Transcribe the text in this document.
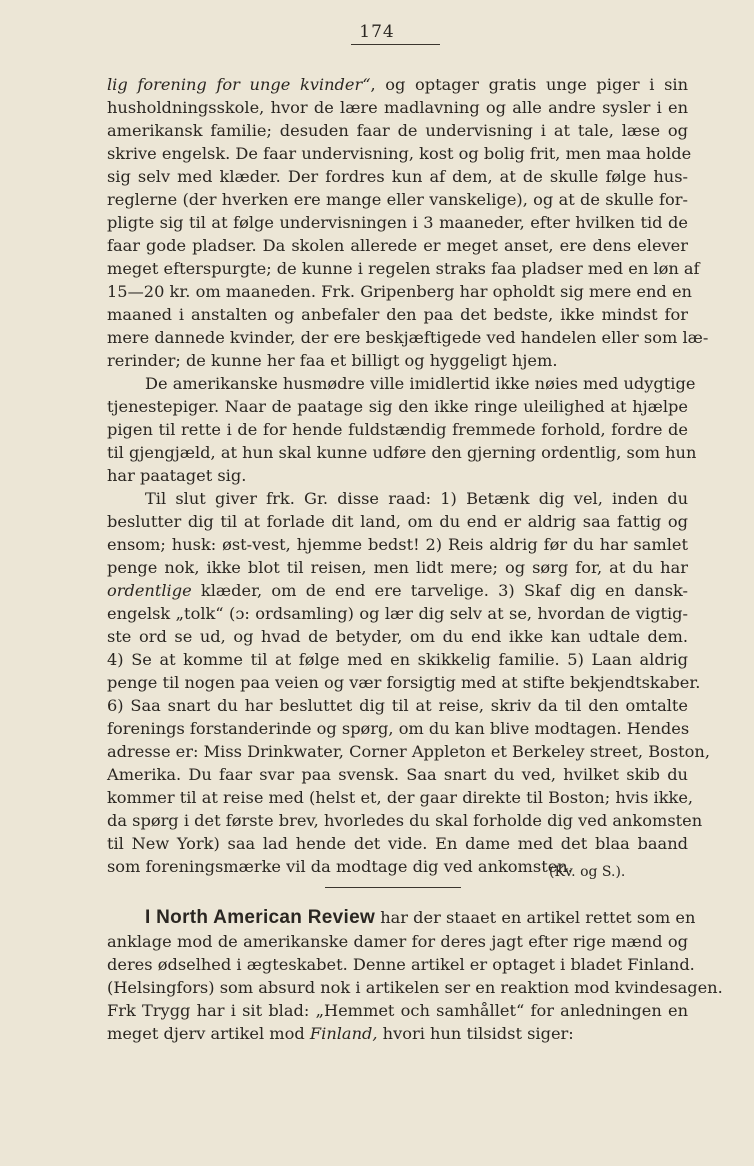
174
lig forening for unge kvinder“, og optager gratis unge piger i sin
husholdningsskole, hvor de lære madlavning og alle andre sysler i en
amerikansk familie; desuden faar de undervisning i at tale, læse og
skrive engelsk. De faar undervisning, kost og bolig frit, men maa holde
sig selv med klæder. Der fordres kun af dem, at de skulle følge hus-
reglerne (der hverken ere mange eller vanskelige), og at de skulle for-
pligte sig til at følge undervisningen i 3 maaneder, efter hvilken tid de
faar gode pladser. Da skolen allerede er meget anset, ere dens elever
meget efterspurgte; de kunne i regelen straks faa pladser med en løn af
15—20 kr. om maaneden. Frk. Gripenberg har opholdt sig mere end en
maaned i anstalten og anbefaler den paa det bedste, ikke mindst for
mere dannede kvinder, der ere beskjæftigede ved handelen eller som læ-
rerinder; de kunne her faa et billigt og hyggeligt hjem.
De amerikanske husmødre ville imidlertid ikke nøies med udygtige
tjenestepiger. Naar de paatage sig den ikke ringe uleilighed at hjælpe
pigen til rette i de for hende fuldstændig fremmede forhold, fordre de
til gjengjæld, at hun skal kunne udføre den gjerning ordentlig, som hun
har paataget sig.
Til slut giver frk. Gr. disse raad: 1) Betænk dig vel, inden du
beslutter dig til at forlade dit land, om du end er aldrig saa fattig og
ensom; husk: øst-vest, hjemme bedst! 2) Reis aldrig før du har samlet
penge nok, ikke blot til reisen, men lidt mere; og sørg for, at du har
ordentlige klæder, om de end ere tarvelige. 3) Skaf dig en dansk-
engelsk „tolk“ (ɔ: ordsamling) og lær dig selv at se, hvordan de vigtig-
ste ord se ud, og hvad de betyder, om du end ikke kan udtale dem.
4) Se at komme til at følge med en skikkelig familie. 5) Laan aldrig
penge til nogen paa veien og vær forsigtig med at stifte bekjendtskaber.
6) Saa snart du har besluttet dig til at reise, skriv da til den omtalte
forenings forstanderinde og spørg, om du kan blive modtagen. Hendes
adresse er: Miss Drinkwater, Corner Appleton et Berkeley street, Boston,
Amerika. Du faar svar paa svensk. Saa snart du ved, hvilket skib du
kommer til at reise med (helst et, der gaar direkte til Boston; hvis ikke,
da spørg i det første brev, hvorledes du skal forholde dig ved ankomsten
til New York) saa lad hende det vide. En dame med det blaa baand
som foreningsmærke vil da modtage dig ved ankomsten.
(Kv. og S.).
I North American Review har der staaet en artikel rettet som en
anklage mod de amerikanske damer for deres jagt efter rige mænd og
deres ødselhed i ægteskabet. Denne artikel er optaget i bladet Finland.
(Helsingfors) som absurd nok i artikelen ser en reaktion mod kvindesagen.
Frk Trygg har i sit blad: „Hemmet och samhållet“ for anledningen en
meget djerv artikel mod Finland, hvori hun tilsidst siger:
